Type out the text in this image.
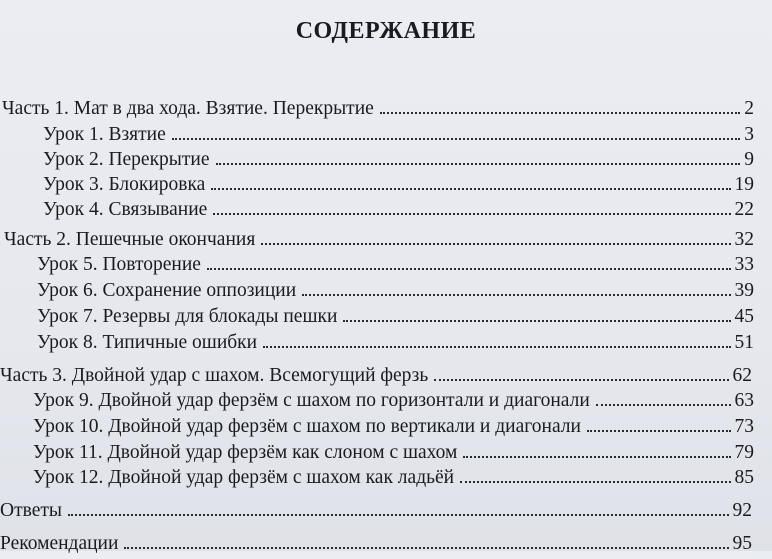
СОДЕРЖАНИЕ
Часть 1. Мат в два хода. Взятие. Перекрытие	2
Урок 1. Взятие	3
Урок 2. Перекрытие	9
Урок 3. Блокировка	19
Урок 4. Связывание	22
Часть 2. Пешечные окончания	32
Урок 5. Повторение	33
Урок 6. Сохранение оппозиции	39
Урок 7. Резервы для блокады пешки	45
Урок 8. Типичные ошибки	51
Часть 3. Двойной удар с шахом. Всемогущий ферзь	62
Урок 9. Двойной удар ферзём с шахом по горизонтали и диагонали	63
Урок 10. Двойной удар ферзём с шахом по вертикали и диагонали	73
Урок 11. Двойной удар ферзём как слоном с шахом	79
Урок 12. Двойной удар ферзём с шахом как ладьёй	85
Ответы	92
Рекомендации	95
